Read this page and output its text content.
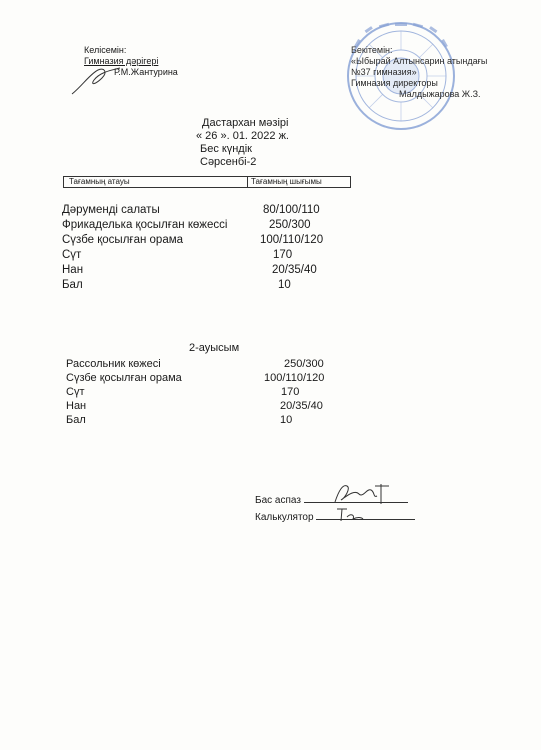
Келісемін:
Гимназия дәрігері
Р.М.Жантурина
Бекітемін:
«Ыбырай Алтынсарин атындағы
№37 гимназия»
Гимназия директоры
Малдыжарова Ж.З.
Дастархан мәзірі
« 26 ». 01. 2022 ж.
Бес күндік
Сәрсенбі-2
Тағамның атауы	Тағамның шығымы
Дәруменді салаты	80/100/110
Фрикаделька қосылған көжессі	250/300
Сүзбе қосылған орама	100/110/120
Сүт	170
Нан	20/35/40
Бал	10
2-ауысым
Рассольник көжесі	250/300
Сүзбе қосылған орама	100/110/120
Сүт	170
Нан	20/35/40
Бал	10
Бас аспаз
Калькулятор
